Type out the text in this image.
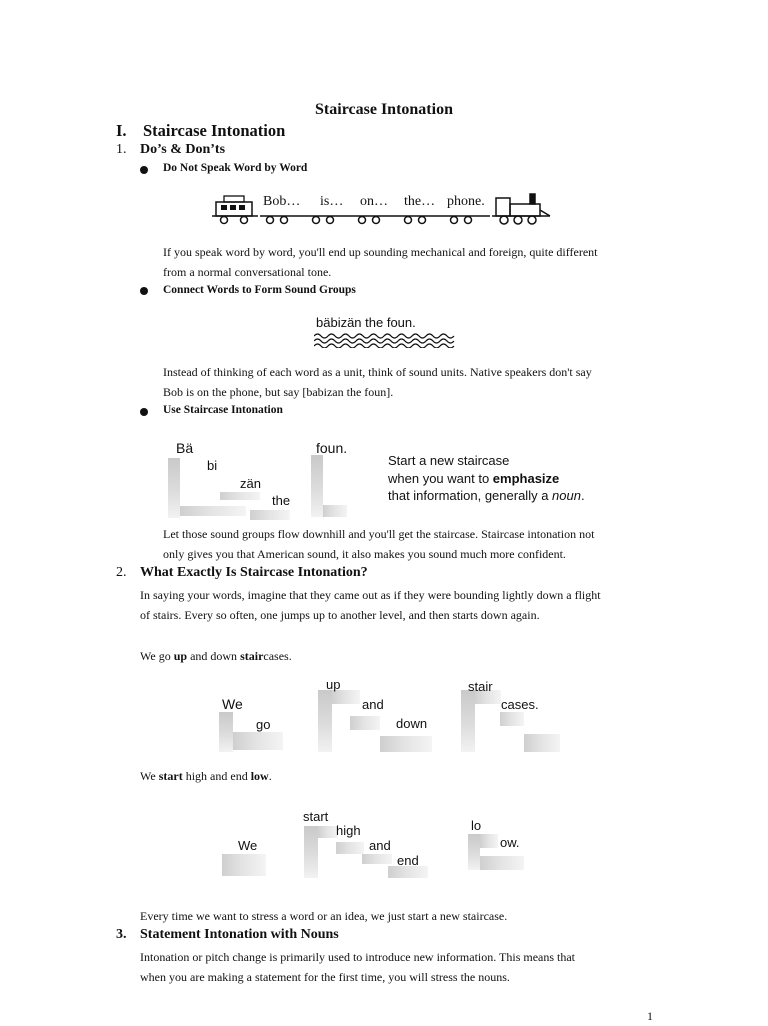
Staircase Intonation
I. Staircase Intonation
1. Do’s & Don’ts
Do Not Speak Word by Word
Bob… is… on… the… phone.
If you speak word by word, you'll end up sounding mechanical and foreign, quite different
from a normal conversational tone.
Connect Words to Form Sound Groups
bäbizän the foun.
Instead of thinking of each word as a unit, think of sound units. Native speakers don't say
Bob is on the phone, but say [babizan the foun].
Use Staircase Intonation
Bä
bi
zän
the
foun.
Start a new staircase
when you want to emphasize
that information, generally a noun.
Let those sound groups flow downhill and you'll get the staircase. Staircase intonation not
only gives you that American sound, it also makes you sound much more confident.
2. What Exactly Is Staircase Intonation?
In saying your words, imagine that they came out as if they were bounding lightly down a flight
of stairs. Every so often, one jumps up to another level, and then starts down again.
We go up and down staircases.
We
go
up
and
down
stair
cases.
We start high and end low.
We
start
high
and
end
lo
ow.
Every time we want to stress a word or an idea, we just start a new staircase.
3. Statement Intonation with Nouns
Intonation or pitch change is primarily used to introduce new information. This means that
when you are making a statement for the first time, you will stress the nouns.
1
